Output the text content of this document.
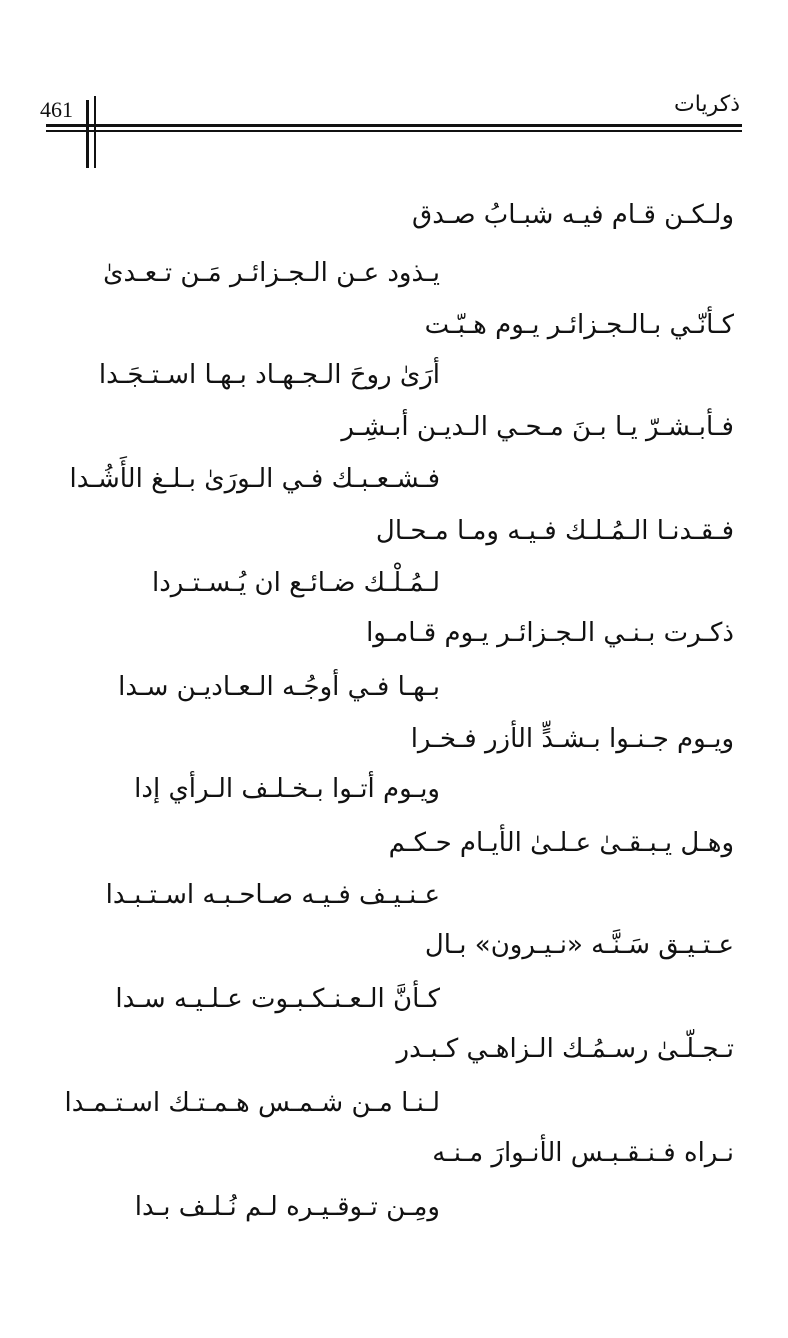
461	ذكريات
ولـكـن قـام فيـه شبـابُ صـدق
يـذود عـن الـجـزائـر مَـن تـعـدىٰ
كـأنّـي بـالـجـزائـر يـوم هـبّـت
أرَىٰ روحَ الـجـهـاد بـهـا اسـتـجَـدا
فـأبـشـرّ يـا بـنَ مـحـي الـديـن أبـشِـر
فـشـعـبـك فـي الـورَىٰ بـلـغ الأَشُـدا
فـقـدنـا الـمُـلـك فـيـه ومـا مـحـال
لـمُـلْـك ضـائـع ان يُـسـتـردا
ذكـرت بـنـي الـجـزائـر يـوم قـامـوا
بـهـا فـي أوجُـه الـعـاديـن سـدا
ويـوم جـنـوا بـشـدٍّ الأزر فـخـرا
ويـوم أتـوا بـخـلـف الـرأي إدا
وهـل يـبـقـىٰ عـلـىٰ الأيـام حـكـم
عـنـيـف فـيـه صـاحـبـه اسـتـبـدا
عـتـيـق سَـنَّـه «نـيـرون» بـال
كـأنَّ الـعـنـكـبـوت عـلـيـه سـدا
تـجـلّـىٰ رسـمُـك الـزاهـي كـبـدر
لـنـا مـن شـمـس هـمـتـك اسـتـمـدا
نـراه فـنـقـبـس الأنـوارَ مـنـه
ومِـن تـوقـيـره لـم نُـلـف بـدا
